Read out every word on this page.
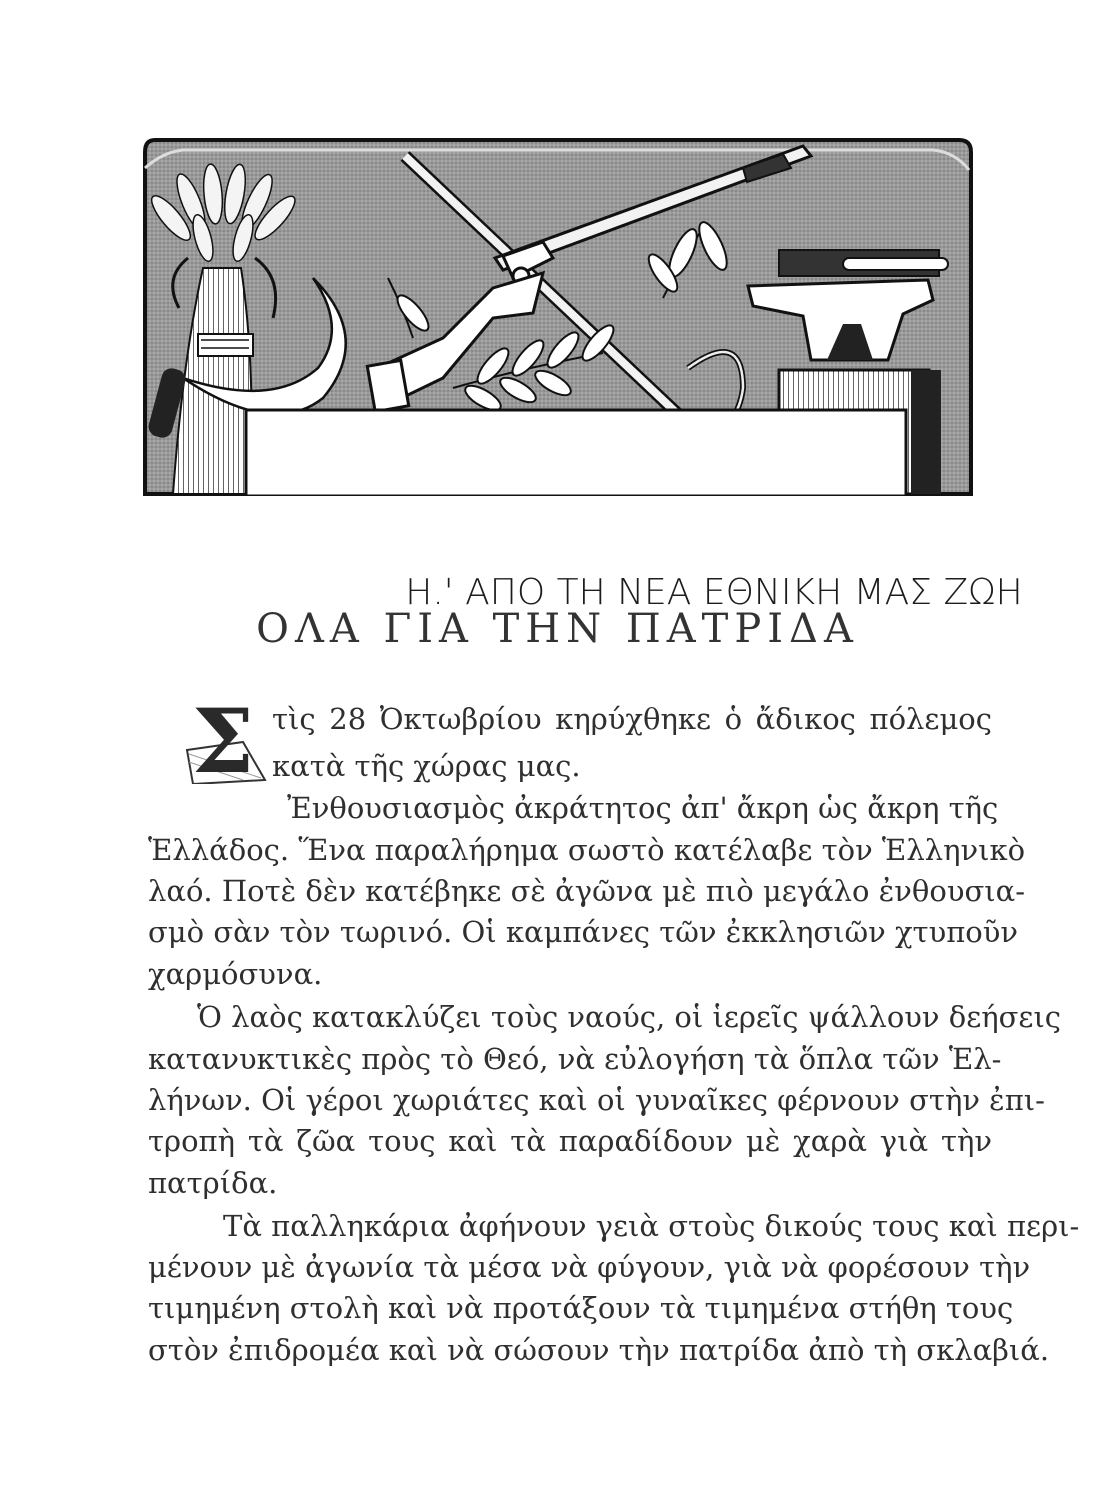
Η.' ΑΠΟ ΤΗ ΝΕΑ ΕΘΝΙΚΗ ΜΑΣ ΖΩΗ
ΟΛΑ ΓΙΑ ΤΗΝ ΠΑΤΡΙΔΑ
Σ τὶς 28 Ὀκτωβρίου κηρύχθηκε ὁ ἄδικος πόλεμος
κατὰ τῆς χώρας μας.
Ἐνθουσιασμὸς ἀκράτητος ἀπ' ἄκρη ὡς ἄκρη τῆς
Ἑλλάδος. Ἕνα παραλήρημα σωστὸ κατέλαβε τὸν Ἑλληνικὸ
λαό. Ποτὲ δὲν κατέβηκε σὲ ἀγῶνα μὲ πιὸ μεγάλο ἐνθουσια-
σμὸ σὰν τὸν τωρινό. Οἱ καμπάνες τῶν ἐκκλησιῶν χτυποῦν
χαρμόσυνα.
Ὁ λαὸς κατακλύζει τοὺς ναούς, οἱ ἱερεῖς ψάλλουν δεήσεις
κατανυκτικὲς πρὸς τὸ Θεό, νὰ εὐλογήση τὰ ὅπλα τῶν Ἑλ-
λήνων. Οἱ γέροι χωριάτες καὶ οἱ γυναῖκες φέρνουν στὴν ἐπι-
τροπὴ τὰ ζῶα τους καὶ τὰ παραδίδουν μὲ χαρὰ γιὰ τὴν
πατρίδα.
Τὰ παλληκάρια ἀφήνουν γειὰ στοὺς δικούς τους καὶ περι-
μένουν μὲ ἀγωνία τὰ μέσα νὰ φύγουν, γιὰ νὰ φορέσουν τὴν
τιμημένη στολὴ καὶ νὰ προτάξουν τὰ τιμημένα στήθη τους
στὸν ἐπιδρομέα καὶ νὰ σώσουν τὴν πατρίδα ἀπὸ τὴ σκλαβιά.
